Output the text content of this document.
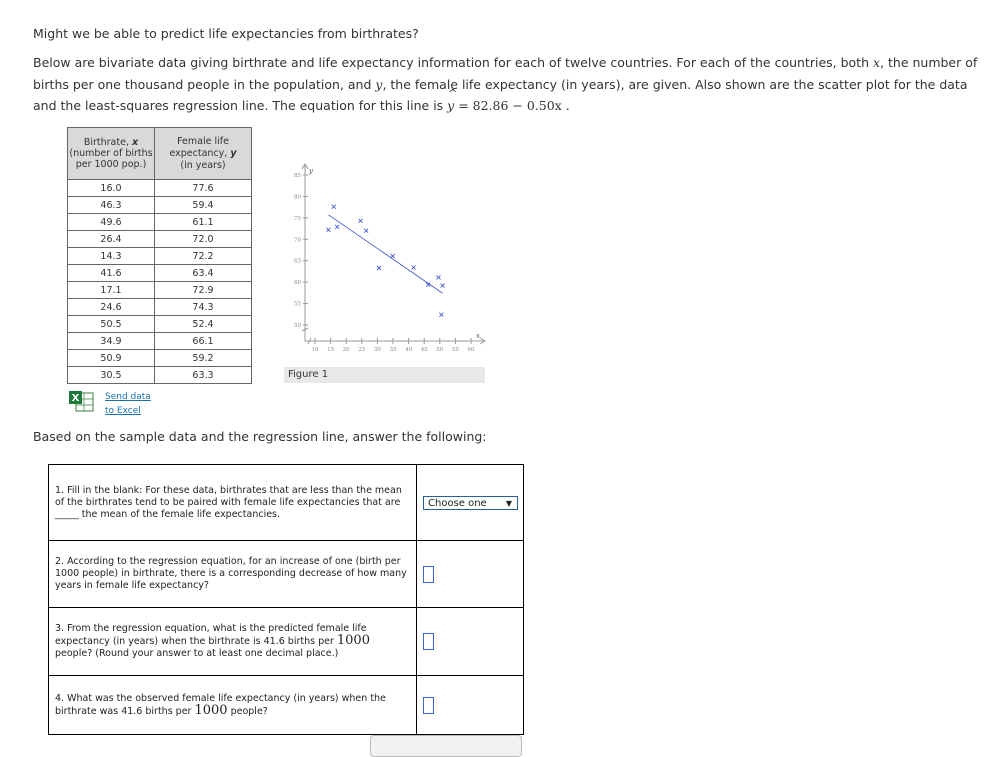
Might we be able to predict life expectancies from birthrates?
Below are bivariate data giving birthrate and life expectancy information for each of twelve countries. For each of the countries, both x, the number of births per one thousand people in the population, and y, the female life expectancy (in years), are given. Also shown are the scatter plot for the data and the least-squares regression line. The equation for this line is ^ y = 82.86 − 0.50x .
Birthrate, x
(number of births per 1000 pop.)	Female life expectancy, y
(in years)
16.0	77.6
46.3	59.4
49.6	61.1
26.4	72.0
14.3	72.2
41.6	63.4
17.1	72.9
24.6	74.3
50.5	52.4
34.9	66.1
50.9	59.2
30.5	63.3
X	Send data
to Excel
y
x
50
55
60
65
70
75
80
85
10 15 20 25 30 35 40 45 50 55 60
Figure 1
Based on the sample data and the regression line, answer the following:
1. Fill in the blank: For these data, birthrates that are less than the mean of the birthrates tend to be paired with female life expectancies that are _____ the mean of the female life expectancies.
Choose one ▼
2. According to the regression equation, for an increase of one (birth per 1000 people) in birthrate, there is a corresponding decrease of how many years in female life expectancy?
3. From the regression equation, what is the predicted female life expectancy (in years) when the birthrate is 41.6 births per 1000 people? (Round your answer to at least one decimal place.)
4. What was the observed female life expectancy (in years) when the birthrate was 41.6 births per 1000 people?
